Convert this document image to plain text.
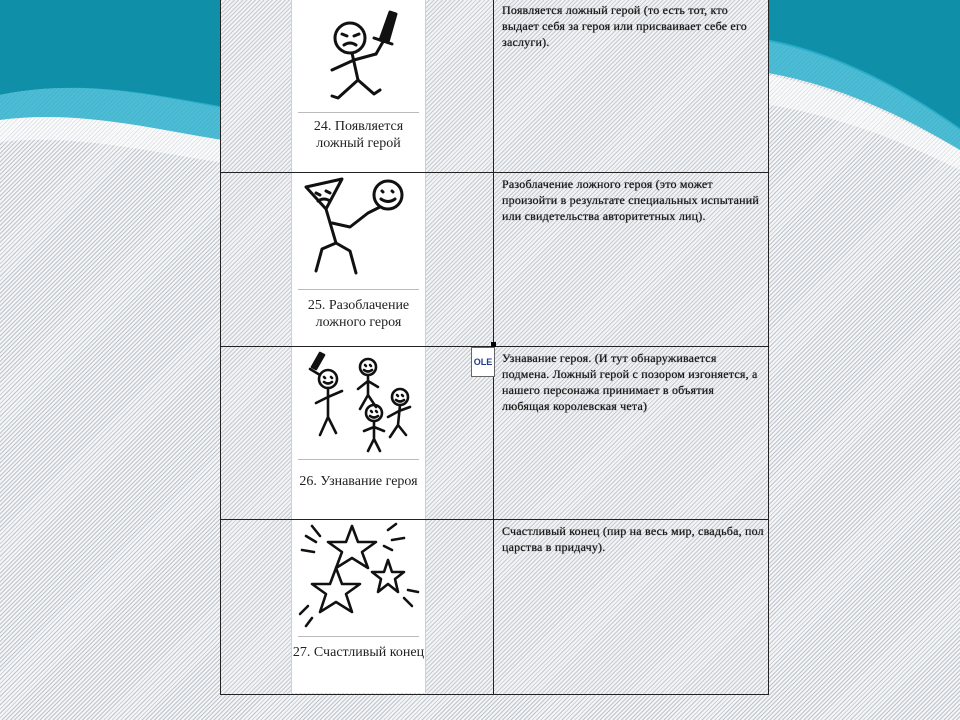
24. Появляется ложный герой
Появляется ложный герой (то есть тот, кто выдает себя за героя или присваивает себе его заслуги).
25. Разоблачение ложного героя
Разоблачение ложного героя (это может произойти в результате специальных испытаний или свидетельства авторитетных лиц).
26. Узнавание героя
Узнавание героя. (И тут обнаруживается подмена. Ложный герой с позором изгоняется, а нашего персонажа принимает в объятия любящая королевская чета)
27. Счастливый конец
Счастливый конец (пир на весь мир, свадьба, пол царства в придачу).
OLE
